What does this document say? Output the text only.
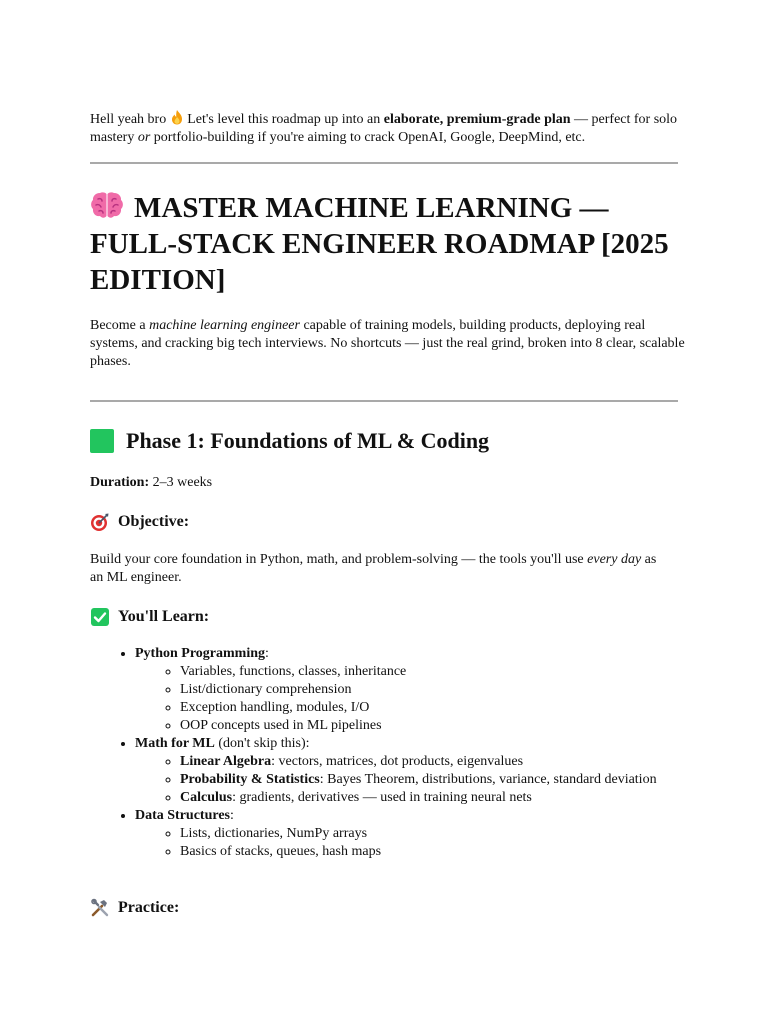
Hell yeah bro  Let's level this roadmap up into an elaborate, premium-grade plan — perfect for solo mastery or portfolio-building if you're aiming to crack OpenAI, Google, DeepMind, etc.

MASTER MACHINE LEARNING — FULL-STACK ENGINEER ROADMAP [2025 EDITION]

Become a machine learning engineer capable of training models, building products, deploying real systems, and cracking big tech interviews. No shortcuts — just the real grind, broken into 8 clear, scalable phases.

Phase 1: Foundations of ML & Coding

Duration: 2–3 weeks

Objective:

Build your core foundation in Python, math, and problem-solving — the tools you'll use every day as an ML engineer.

You'll Learn:
• Python Programming:
◦ Variables, functions, classes, inheritance
◦ List/dictionary comprehension
◦ Exception handling, modules, I/O
◦ OOP concepts used in ML pipelines
• Math for ML (don't skip this):
◦ Linear Algebra: vectors, matrices, dot products, eigenvalues
◦ Probability & Statistics: Bayes Theorem, distributions, variance, standard deviation
◦ Calculus: gradients, derivatives — used in training neural nets
• Data Structures:
◦ Lists, dictionaries, NumPy arrays
◦ Basics of stacks, queues, hash maps
Practice:
